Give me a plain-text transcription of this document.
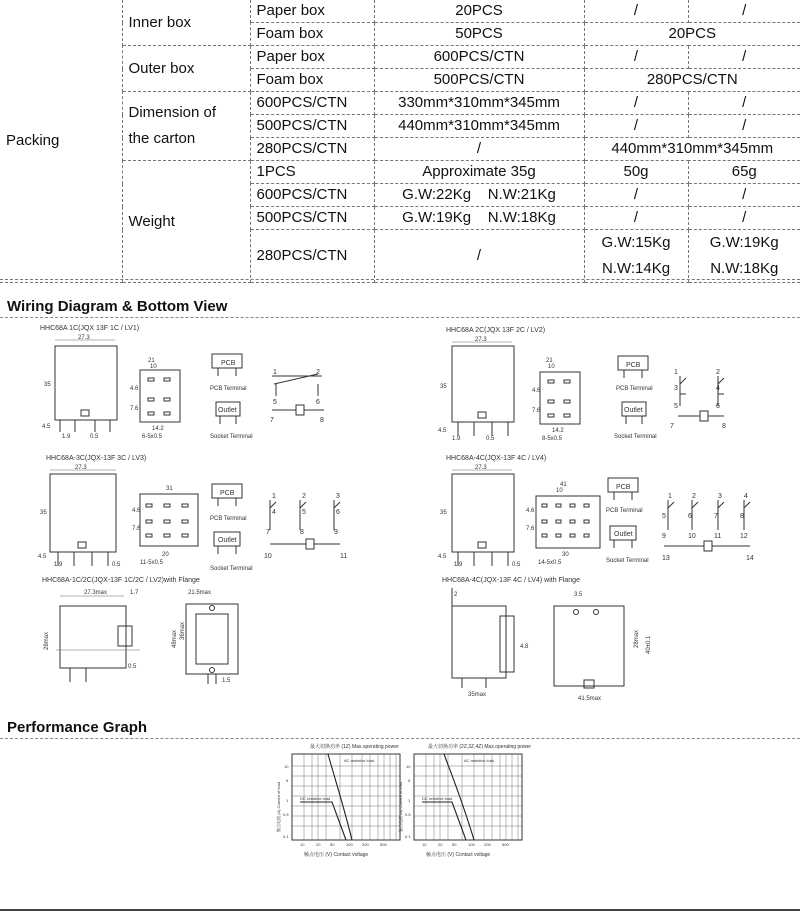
Packing	Inner box	Paper box	20PCS	/	/
		Foam box	50PCS	20PCS	
	Outer box	Paper box	600PCS/CTN	/	/
		Foam box	500PCS/CTN	280PCS/CTN	

	Dimension of
the carton	600PCS/CTN	330mm*310mm*345mm	/	/
		500PCS/CTN	440mm*310mm*345mm	/	/
		280PCS/CTN	/	440mm*310mm*345mm	
	Weight	1PCS	Approximate 35g	50g	65g
		600PCS/CTN	G.W:22Kg    N.W:21Kg	/	/
		500PCS/CTN	G.W:19Kg    N.W:18Kg	/	/
		280PCS/CTN	/	G.W:15Kg
N.W:14Kg	G.W:19Kg
N.W:18Kg
Wiring Diagram & Bottom View
HHC68A 1C(JQX 13F 1C / LV1)
27.3
35
4.5
1.9	0.5
21
10
4.6
7.6
14.2
6-5x0.5
PCB
PCB Terminal
Outlet
Socket Terminal
1	2
5	6
7	8
HHC68A 2C(JQX 13F 2C / LV2)
27.3
35
4.5
1.9	0.5
21
10
4.6
7.6
14.2
8-5x0.5
PCB
PCB Terminal
Outlet
Socket Terminal
1	2
3	4
5	6
7	8
HHC68A-3C(JQX-13F 3C / LV3)
27.3
35
4.5
1.9	0.5
31
4.6
7.6
20
11-5x0.5
PCB
PCB Terminal
Outlet
Socket Terminal
1	2	3
4	5	6
7	8	9
10	11
HHC68A-4C(JQX-13F 4C / LV4)
27.3
35
4.5
1.9	0.5
41
10
4.6
7.6
30
14-5x0.5
PCB
PCB Terminal
Outlet
Socket Terminal
1	2	3	4
5	6	7	8
9	10	11	12
13	14
HHC68A-1C/2C(JQX-13F 1C/2C / LV2)with Flange
27.3max	1.7
28max
0.5
21.5max
48max 36max
1.5
HHC68A-4C(JQX-13F 4C / LV4) with Flange
2
35max
4.8
3.5
28max 40±0.1
41.5max
Performance Graph
最大切换功率 (1Z) Max.operating power
AC resistive load
DC resistive load
10
5
1
0.5
0.1
10	20 50	100 200	500
触点电压 (V) Contact voltage
触点电流 (A) Current of load
最大切换功率 (2Z,3Z,4Z) Max.operating power
AC resistive load
DC resistive load
10
5
1
0.5
0.1
10	20 50	100 200	500
触点电压 (V) Contact voltage
触点电流 (A) Current of load
